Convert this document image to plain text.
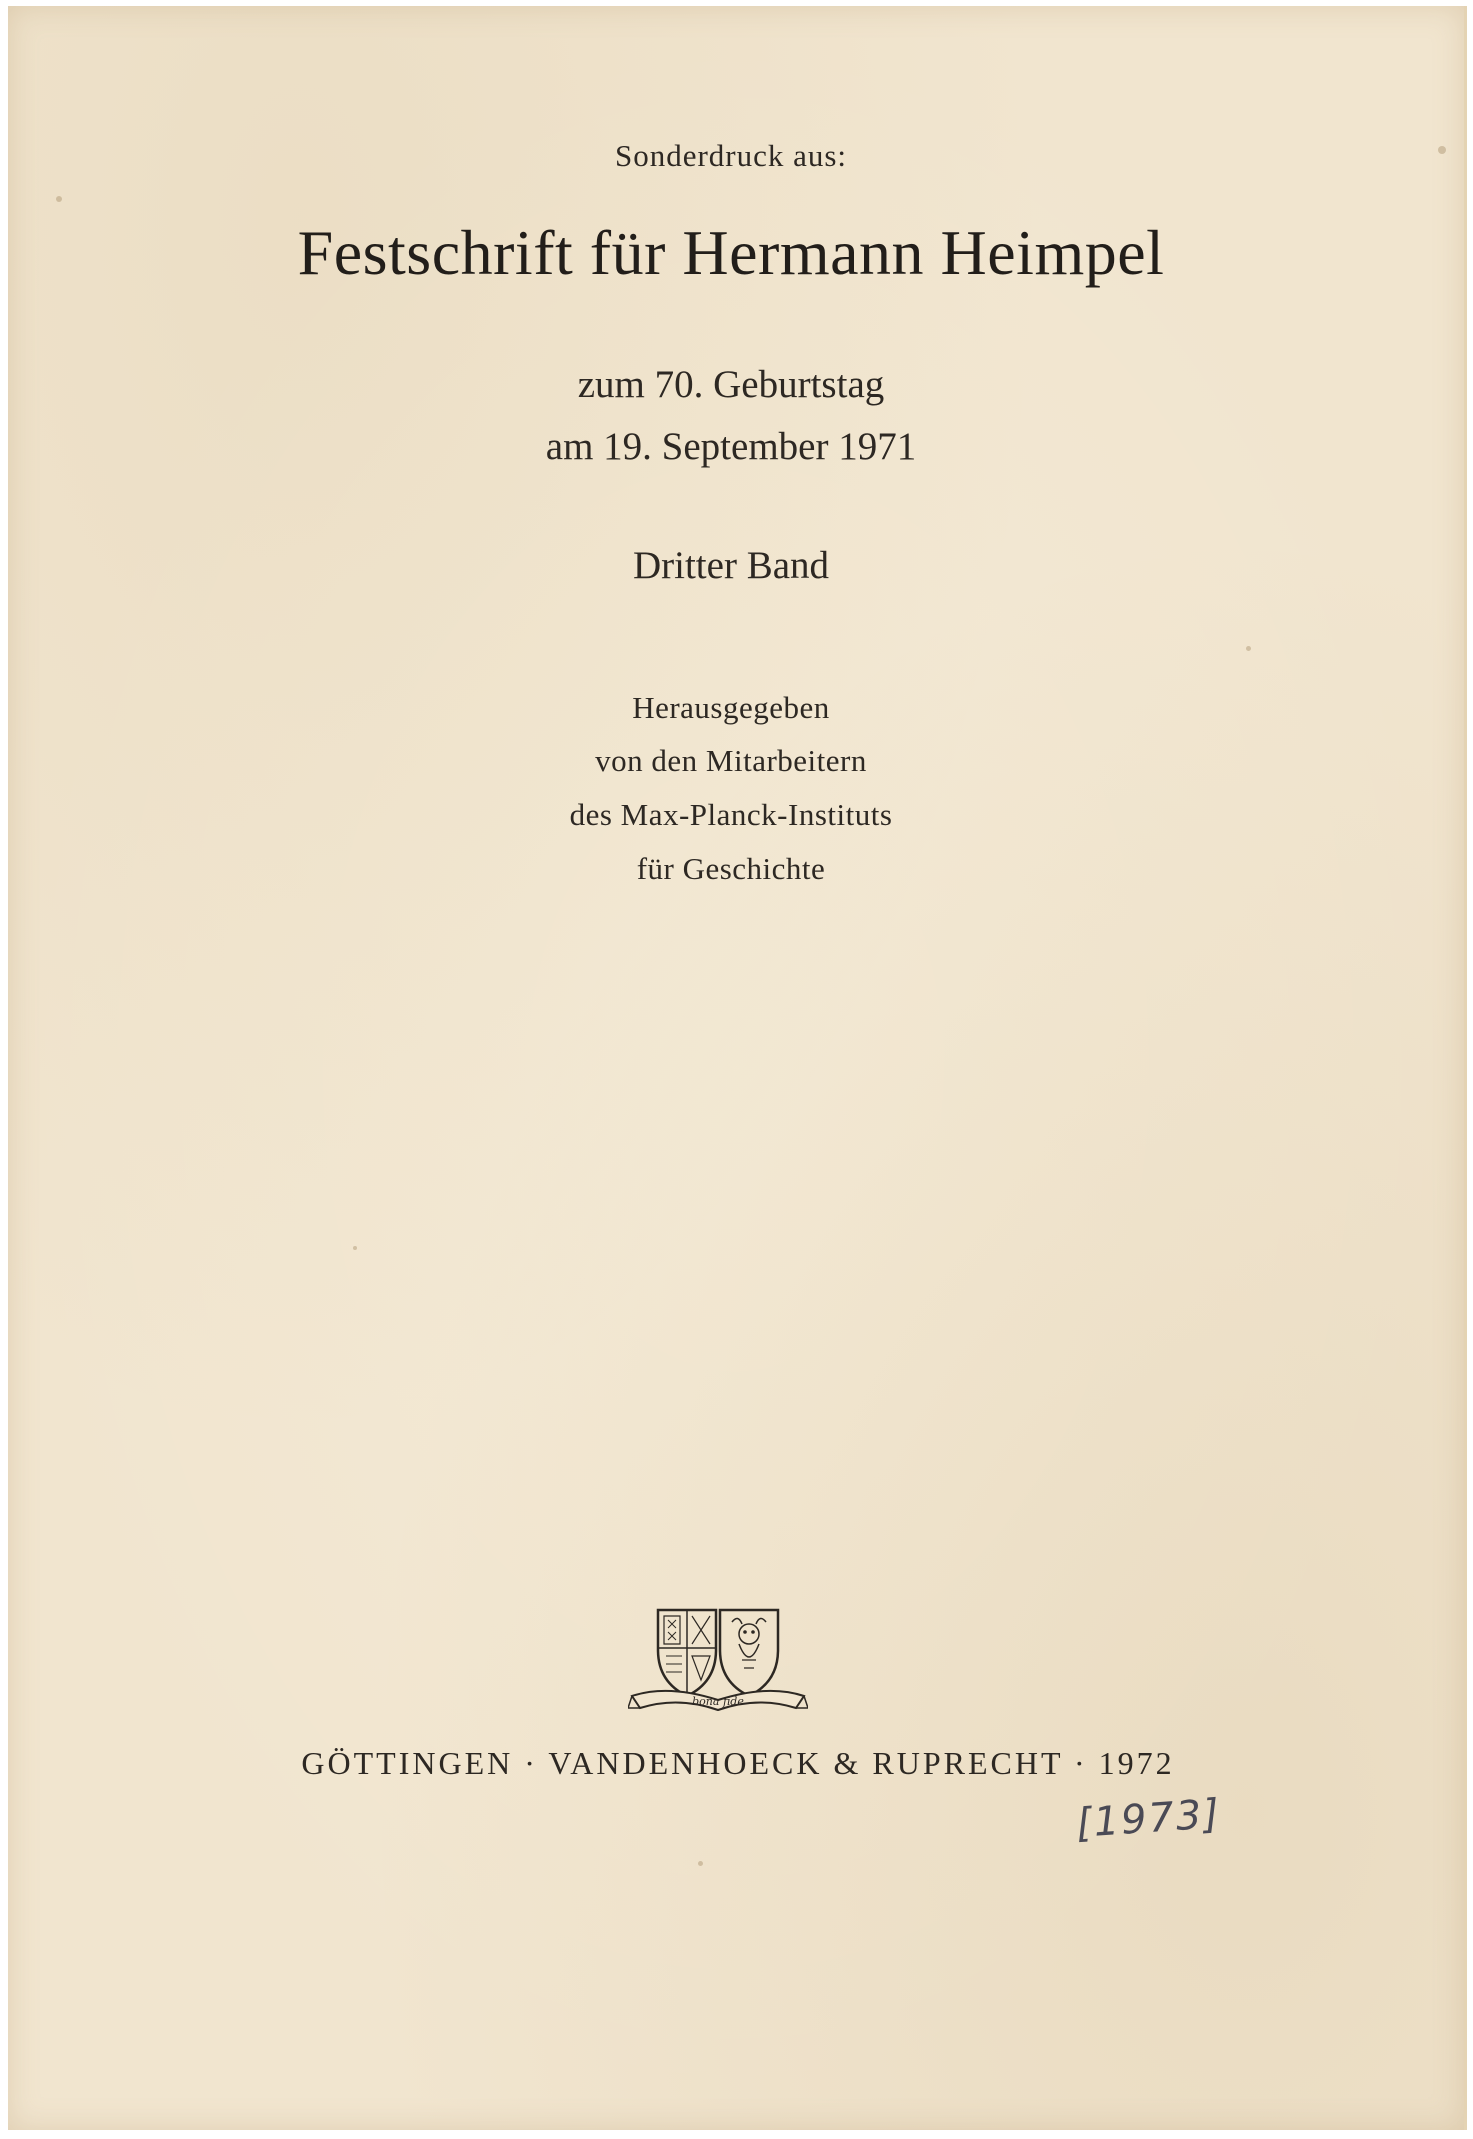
Sonderdruck aus:
Festschrift für Hermann Heimpel
zum 70. Geburtstag
am 19. September 1971
Dritter Band
Herausgegeben
von den Mitarbeitern
des Max-Planck-Instituts
für Geschichte
bona fide
GÖTTINGEN · VANDENHOECK & RUPRECHT · 1972
[1973]
